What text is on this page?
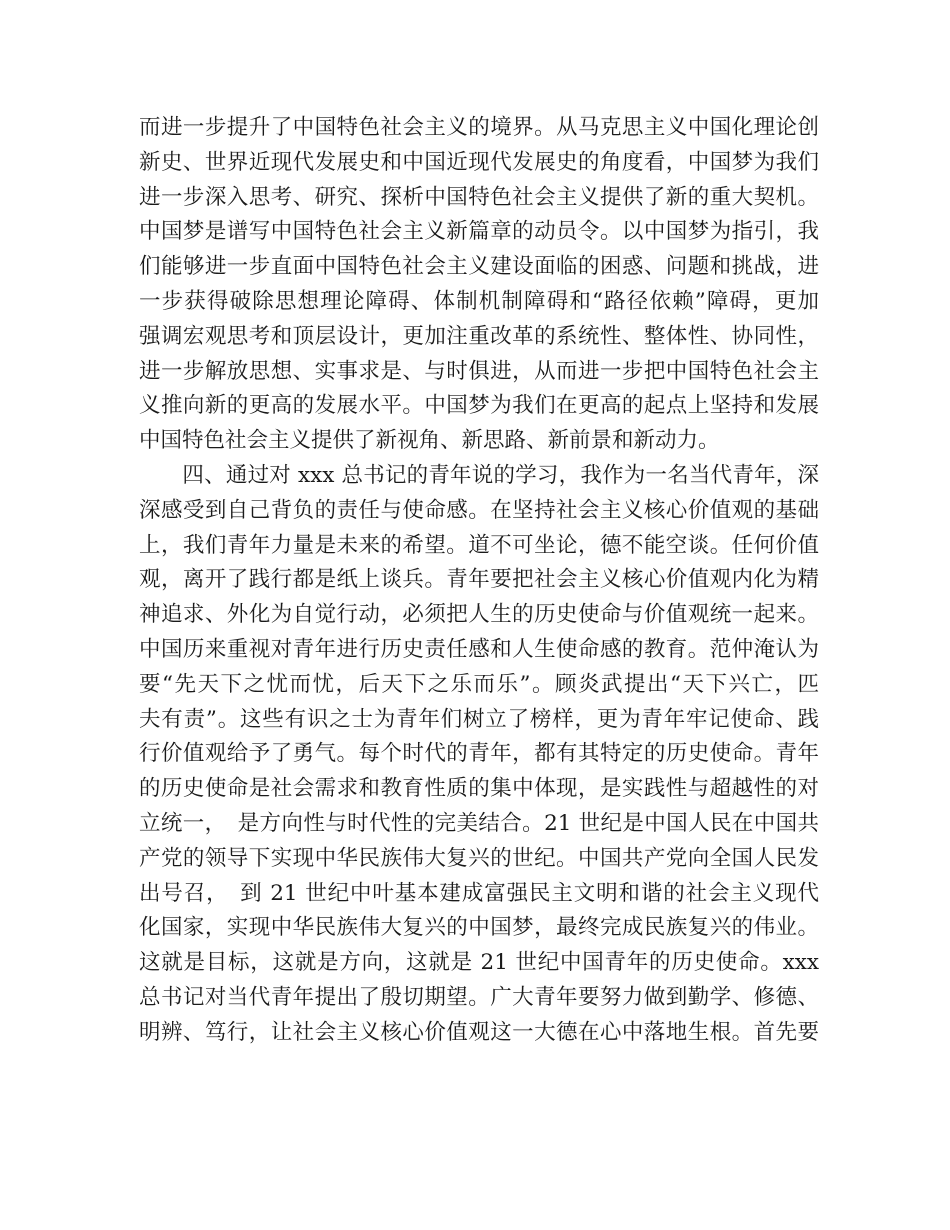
而进一步提升了中国特色社会主义的境界。从马克思主义中国化理论创
新史、世界近现代发展史和中国近现代发展史的角度看，中国梦为我们
进一步深入思考、研究、探析中国特色社会主义提供了新的重大契机。
中国梦是谱写中国特色社会主义新篇章的动员令。以中国梦为指引，我
们能够进一步直面中国特色社会主义建设面临的困惑、问题和挑战，进
一步获得破除思想理论障碍、体制机制障碍和“路径依赖”障碍，更加
强调宏观思考和顶层设计，更加注重改革的系统性、整体性、协同性，
进一步解放思想、实事求是、与时俱进，从而进一步把中国特色社会主
义推向新的更高的发展水平。中国梦为我们在更高的起点上坚持和发展
中国特色社会主义提供了新视角、新思路、新前景和新动力。
　　四、通过对 xxx 总书记的青年说的学习，我作为一名当代青年，深
深感受到自己背负的责任与使命感。在坚持社会主义核心价值观的基础
上，我们青年力量是未来的希望。道不可坐论，德不能空谈。任何价值
观，离开了践行都是纸上谈兵。青年要把社会主义核心价值观内化为精
神追求、外化为自觉行动，必须把人生的历史使命与价值观统一起来。
中国历来重视对青年进行历史责任感和人生使命感的教育。范仲淹认为
要“先天下之忧而忧，后天下之乐而乐”。顾炎武提出“天下兴亡，匹
夫有责”。这些有识之士为青年们树立了榜样，更为青年牢记使命、践
行价值观给予了勇气。每个时代的青年，都有其特定的历史使命。青年
的历史使命是社会需求和教育性质的集中体现，是实践性与超越性的对
立统一，　是方向性与时代性的完美结合。21 世纪是中国人民在中国共
产党的领导下实现中华民族伟大复兴的世纪。中国共产党向全国人民发
出号召，　到 21 世纪中叶基本建成富强民主文明和谐的社会主义现代
化国家，实现中华民族伟大复兴的中国梦，最终完成民族复兴的伟业。
这就是目标，这就是方向，这就是 21 世纪中国青年的历史使命。xxx
总书记对当代青年提出了殷切期望。广大青年要努力做到勤学、修德、
明辨、笃行，让社会主义核心价值观这一大德在心中落地生根。首先要
